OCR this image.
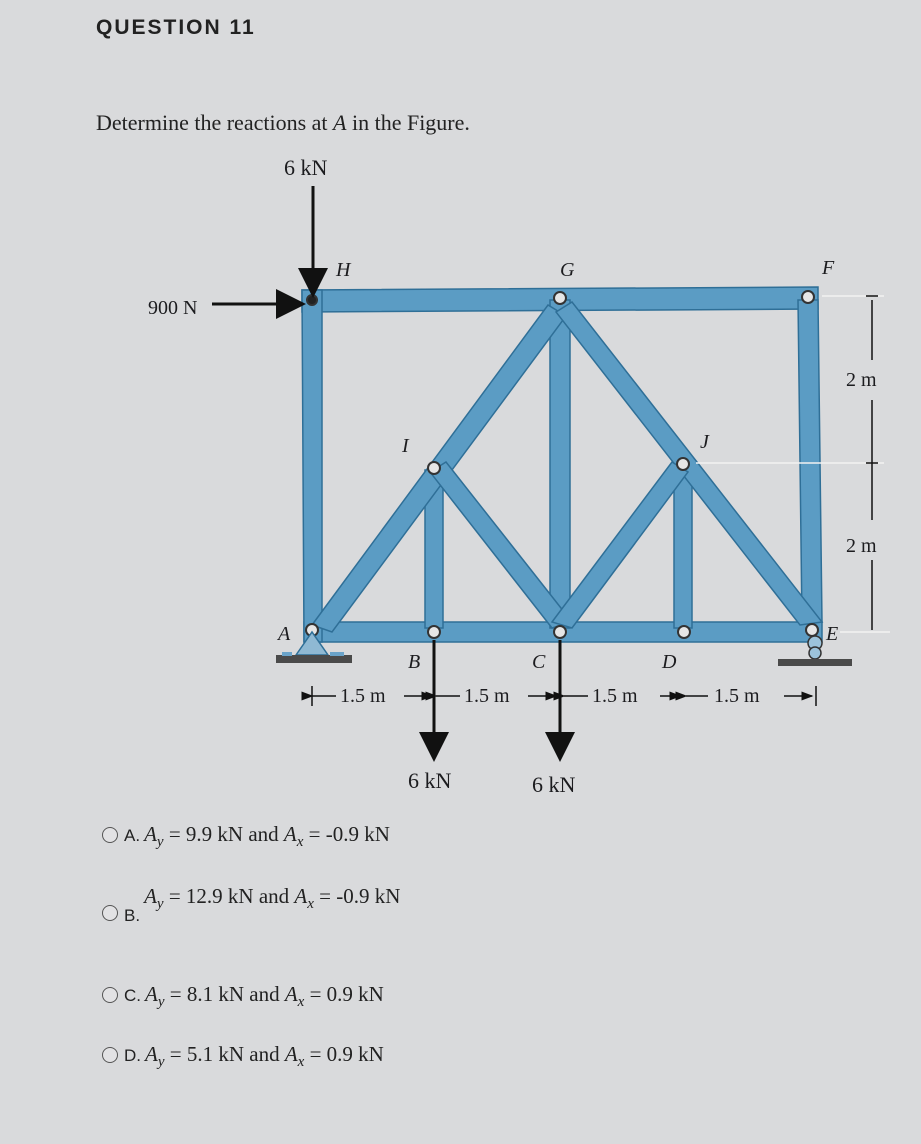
QUESTION 11
Determine the reactions at A in the Figure.
6 kN
900 N
6 kN	6 kN
H	G	F
I	J
A	E
B	C	D
1.5 m	1.5 m	1.5 m	1.5 m
2 m
2 m
A. $A_y = 9.9$ kN and $A_x = -0.9$ kN
B.
$A_y = 12.9$ kN and $A_x = -0.9$ kN
C. $A_y = 8.1$ kN and $A_x = 0.9$ kN
D. $A_y = 5.1$ kN and $A_x = 0.9$ kN
